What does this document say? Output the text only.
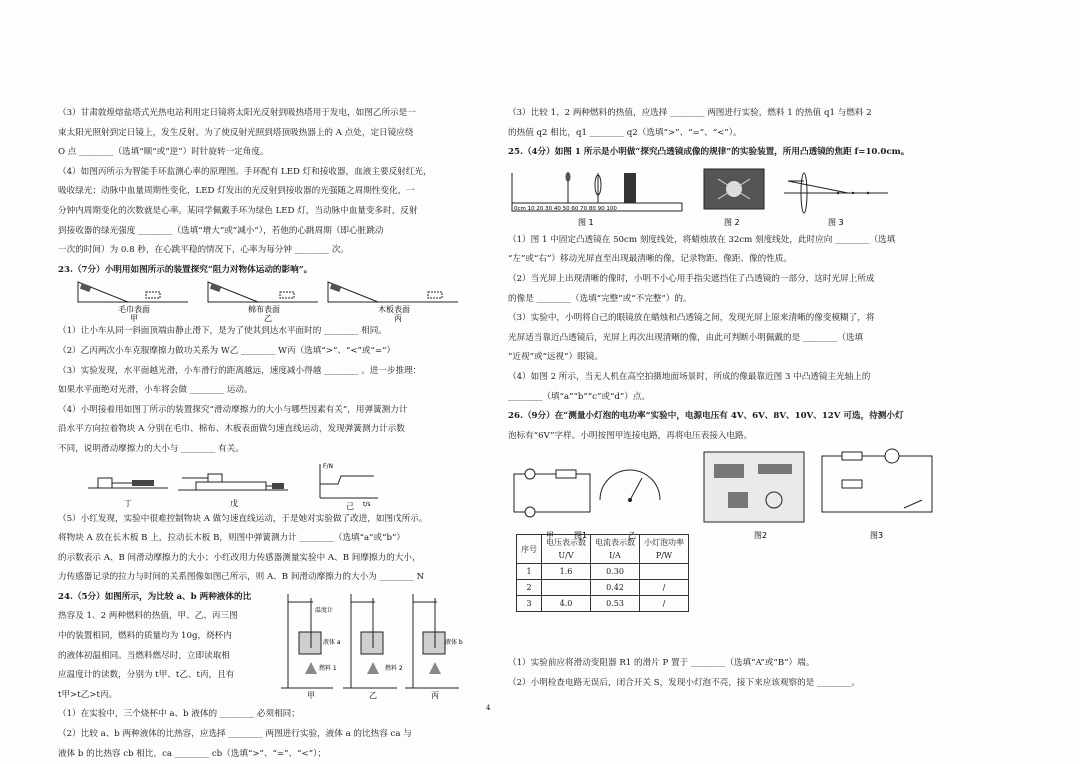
（3）甘肃敦煌熔盐塔式光热电站利用定日镜将太阳光反射到吸热塔用于发电，如图乙所示是一
束太阳光照射到定日镜上，发生反射。为了使反射光照到塔顶吸热器上的 A 点处，定日镜应绕
O 点 ________（选填“顺”或“逆”）时针旋转一定角度。
（4）如图丙所示为智能手环监测心率的原理图。手环配有 LED 灯和接收器，血液主要反射红光，
吸收绿光；动脉中血量周期性变化，LED 灯发出的光反射到接收器的光强随之周期性变化，一
分钟内周期变化的次数就是心率。某同学佩戴手环为绿色 LED 灯，当动脉中血量变多时，反射
到接收器的绿光强度 ________（选填“增大”或“减小”），若他的心跳周期（即心脏跳动
一次的时间）为 0.8 秒，在心跳平稳的情况下，心率为每分钟 ________ 次。
23.（7分）小明用如图所示的装置探究“阻力对物体运动的影响”。
毛巾表面
甲
棉布表面
乙
木板表面
丙
（1）让小车从同一斜面顶端由静止滑下，是为了使其到达水平面时的 ________ 相同。
（2）乙丙两次小车克服摩擦力做功关系为 W乙 ________ W丙（选填“>”、“<”或“=”）
（3）实验发现，水平面越光滑，小车滑行的距离越远，速度减小得越 ________ 。进一步推理：
如果水平面绝对光滑，小车将会做 ________ 运动。
（4）小明接着用如图丁所示的装置探究“滑动摩擦力的大小与哪些因素有关”，用弹簧测力计
沿水平方向拉着物块 A 分别在毛巾、棉布、木板表面做匀速直线运动，发现弹簧测力计示数
不同，说明滑动摩擦力的大小与 ________ 有关。
F/N
t/s
丁	戊	己
（5）小红发现，实验中很难控制物块 A 做匀速直线运动，于是她对实验做了改进，如图戊所示。
将物块 A 放在长木板 B 上，拉动长木板 B，则图中弹簧测力计 ________（选填“a”或“b”）
的示数表示 A、B 间滑动摩擦力的大小；小红改用力传感器测量实验中 A、B 间摩擦力的大小，
力传感器记录的拉力与时间的关系图像如图己所示，则 A、B 间滑动摩擦力的大小为 ________ N
24.（5分）如图所示，为比较 a、b 两种液体的比
热容及 1、2 两种燃料的热值，甲、乙、丙三图
中的装置相同，燃料的质量均为 10g，烧杯内
的液体初温相同。当燃料燃尽时，立即读取相
应温度计的读数，分别为 t甲、t乙、t丙，且有
t甲>t乙>t丙。
温度计
液体 a
燃料 1
液体 b
燃料 2
甲	乙	丙
（1）在实验中，三个烧杯中 a、b 液体的 ________ 必须相同；
（2）比较 a、b 两种液体的比热容，应选择 ________ 两图进行实验，液体 a 的比热容 ca 与
液体 b 的比热容 cb 相比，ca ________ cb（选填“>”、“=”、“<”）；
（3）比较 1、2 两种燃料的热值，应选择 ________ 两图进行实验，燃料 1 的热值 q1 与燃料 2
的热值 q2 相比，q1 ________ q2（选填“>”、“=”、“<”）。
25.（4分）如图 1 所示是小明做“探究凸透镜成像的规律”的实验装置，所用凸透镜的焦距 f=10.0cm。
0cm 10 20 30 40 50 60 70 80 90 100
图 1	图 2	图 3
（1）图 1 中固定凸透镜在 50cm 刻度线处，将蜡烛放在 32cm 刻度线处，此时应向 ________（选填
“左”或“右”）移动光屏直至出现最清晰的像，记录物距、像距、像的性质。
（2）当光屏上出现清晰的像时，小明不小心用手指尖遮挡住了凸透镜的一部分，这时光屏上所成
的像是 ________（选填“完整”或“不完整”）的。
（3）实验中，小明将自己的眼镜放在蜡烛和凸透镜之间，发现光屏上原来清晰的像变模糊了，将
光屏适当靠近凸透镜后，光屏上再次出现清晰的像，由此可判断小明佩戴的是 ________（选填
“近视”或“远视”）眼镜。
（4）如图 2 所示，当无人机在高空拍摄地面场景时，所成的像最靠近图 3 中凸透镜主光轴上的
________（填“a”“b”“c”或“d”）点。
26.（9分）在“测量小灯泡的电功率”实验中，电源电压有 4V、6V、8V、10V、12V 可选，待测小灯
泡标有“6V”字样。小明按图甲连接电路，再将电压表接入电路。
甲	图1	乙	图2	图3
序号	电压表示数 U/V	电流表示数 I/A	小灯泡功率 P/W
1	1.6	0.30	
2		0.42	/
3	4.0	0.53	/
（1）实验前应将滑动变阻器 R1 的滑片 P 置于 ________（选填“A”或“B”）端。
（2）小明检查电路无误后，闭合开关 S，发现小灯泡不亮，接下来应该观察的是 ________。
4
